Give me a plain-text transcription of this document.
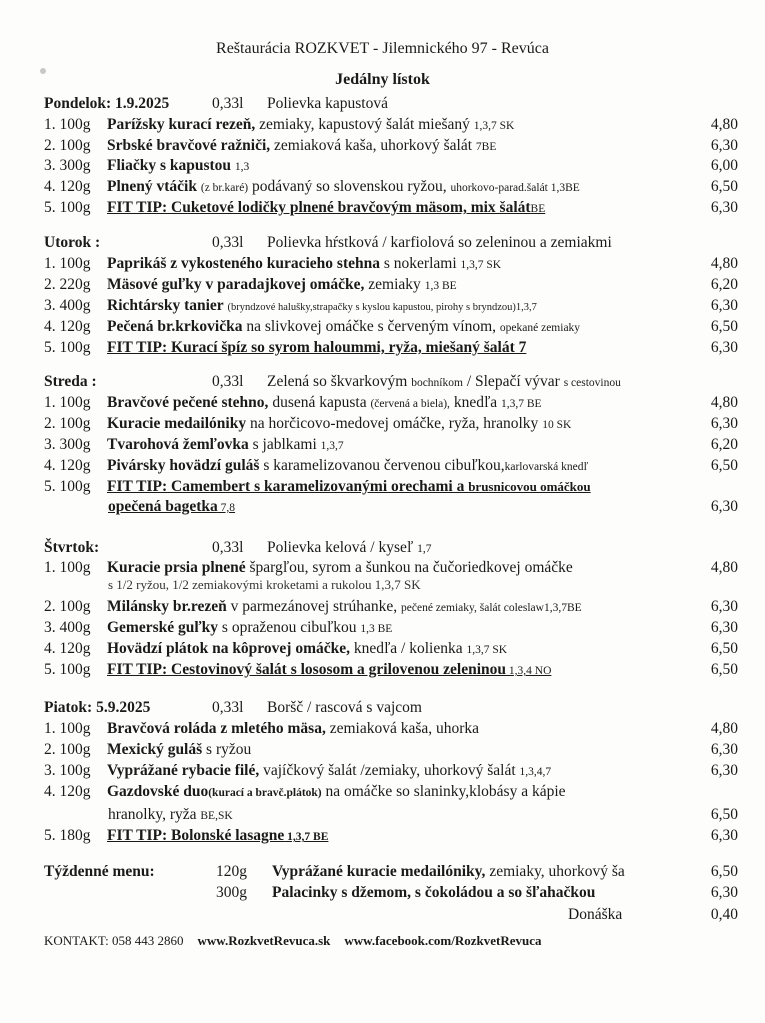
Reštaurácia ROZKVET - Jilemnického 97 - Revúca
Jedálny lístok
Pondelok: 1.9.2025	0,33l Polievka kapustová
1. 100g Parížsky kurací rezeň, zemiaky, kapustový šalát miešaný 1,3,7 SK	4,80
2. 100g Srbské bravčové ražniči, zemiaková kaša, uhorkový šalát 7BE	6,30
3. 300g Fliačky s kapustou 1,3	6,00
4. 120g Plnený vtáčik (z br.karé) podávaný so slovenskou ryžou, uhorkovo-parad.šalát 1,3BE	6,50
5. 100g FIT TIP: Cuketové lodičky plnené bravčovým mäsom, mix šalátBE	6,30
Utorok :	0,33l Polievka hŕstková / karfiolová so zeleninou a zemiakmi
1. 100g Paprikáš z vykosteného kuracieho stehna s nokerlami 1,3,7 SK	4,80
2. 220g Mäsové guľky v paradajkovej omáčke, zemiaky 1,3 BE	6,20
3. 400g Richtársky tanier (bryndzové halušky,strapačky s kyslou kapustou, pirohy s bryndzou)1,3,7	6,30
4. 120g Pečená br.krkovička na slivkovej omáčke s červeným vínom, opekané zemiaky	6,50
5. 100g FIT TIP: Kurací špíz so syrom haloummi, ryža, miešaný šalát 7	6,30
Streda :	0,33l Zelená so škvarkovým bochníkom / Slepačí vývar s cestovinou
1. 100g Bravčové pečené stehno, dusená kapusta (červená a biela), knedľa 1,3,7 BE	4,80
2. 100g Kuracie medailóniky na horčicovo-medovej omáčke, ryža, hranolky 10 SK	6,30
3. 300g Tvarohová žemľovka s jablkami 1,3,7	6,20
4. 120g Pivársky hovädzí guláš s karamelizovanou červenou cibuľkou,karlovarská knedľ	6,50
5. 100g FIT TIP: Camembert s karamelizovanými orechami a brusnicovou omáčkou
opečená bagetka 7,8	6,30
Štvrtok:	0,33l Polievka kelová / kyseľ 1,7
1. 100g Kuracie prsia plnené špargľou, syrom a šunkou na čučoriedkovej omáčke	4,80
s 1/2 ryžou, 1/2 zemiakovými kroketami a rukolou 1,3,7 SK
2. 100g Milánsky br.rezeň v parmezánovej strúhanke, pečené zemiaky, šalát coleslaw1,3,7BE	6,30
3. 400g Gemerské guľky s opraženou cibuľkou 1,3 BE	6,30
4. 120g Hovädzí plátok na kôprovej omáčke, knedľa / kolienka 1,3,7 SK	6,50
5. 100g FIT TIP: Cestovinový šalát s lososom a grilovenou zeleninou 1,3,4 NO	6,50
Piatok: 5.9.2025	0,33l Boršč / rascová s vajcom
1. 100g Bravčová roláda z mletého mäsa, zemiaková kaša, uhorka	4,80
2. 100g Mexický guláš s ryžou	6,30
3. 100g Vyprážané rybacie filé, vajíčkový šalát /zemiaky, uhorkový šalát 1,3,4,7	6,30
4. 120g Gazdovské duo(kurací a bravč.plátok) na omáčke so slaninky,klobásy a kápie
hranolky, ryža BE,SK	6,50
5. 180g FIT TIP: Bolonské lasagne 1,3,7 BE	6,30
Týždenné menu:	120g Vyprážané kuracie medailóniky, zemiaky, uhorkový ša	6,50
300g Palacinky s džemom, s čokoládou a so šľahačkou	6,30
Donáška	0,40
KONTAKT: 058 443 2860 www.RozkvetRevuca.sk www.facebook.com/RozkvetRevuca
